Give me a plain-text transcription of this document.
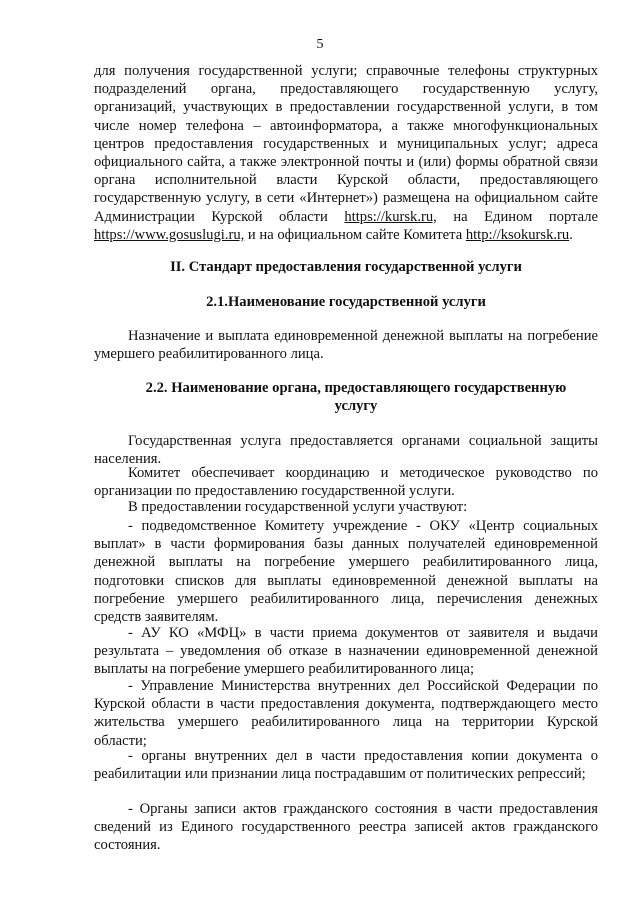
5

для получения государственной услуги; справочные телефоны структурных подразделений органа, предоставляющего государственную услугу, организаций, участвующих в предоставлении государственной услуги, в том числе номер телефона – автоинформатора, а также многофункциональных центров предоставления государственных и муниципальных услуг; адреса официального сайта, а также электронной почты и (или) формы обратной связи органа исполнительной власти Курской области, предоставляющего государственную услугу, в сети «Интернет») размещена на официальном сайте Администрации Курской области https://kursk.ru, на Едином портале https://www.gosuslugi.ru, и на официальном сайте Комитета http://ksokursk.ru.

II. Стандарт предоставления государственной услуги

2.1.Наименование государственной услуги

Назначение и выплата единовременной денежной выплаты на погребение умершего реабилитированного лица.

2.2. Наименование органа, предоставляющего государственную услугу

Государственная услуга предоставляется органами социальной защиты населения.

Комитет обеспечивает координацию и методическое руководство по организации по предоставлению государственной услуги.

В предоставлении государственной услуги участвуют:

- подведомственное Комитету учреждение - ОКУ «Центр социальных выплат» в части формирования базы данных получателей единовременной денежной выплаты на погребение умершего реабилитированного лица, подготовки списков для выплаты единовременной денежной выплаты на погребение умершего реабилитированного лица, перечисления денежных средств заявителям.

- АУ КО «МФЦ» в части приема документов от заявителя и выдачи результата – уведомления об отказе в назначении единовременной денежной выплаты на погребение умершего реабилитированного лица;

- Управление Министерства внутренних дел Российской Федерации по Курской области в части предоставления документа, подтверждающего место жительства умершего реабилитированного лица на территории Курской области;

- органы внутренних дел в части предоставления копии документа о реабилитации или признании лица пострадавшим от политических репрессий;

- Органы записи актов гражданского состояния в части предоставления сведений из Единого государственного реестра записей актов гражданского состояния.
